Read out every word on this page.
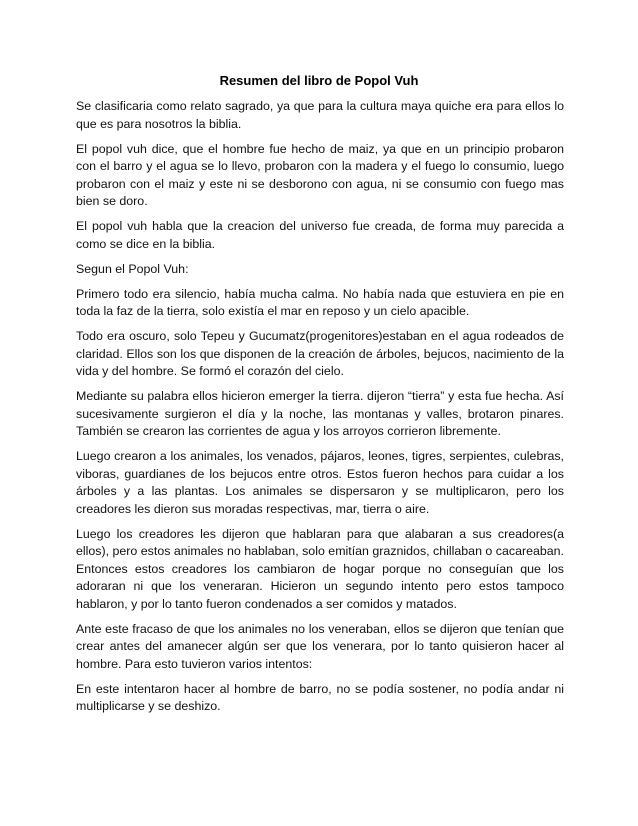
Resumen del libro de Popol Vuh

Se clasificaria como relato sagrado, ya que para la cultura maya quiche era para ellos lo que es para nosotros la biblia.

El popol vuh dice, que el hombre fue hecho de maiz, ya que en un principio probaron con el barro y el agua se lo llevo, probaron con la madera y el fuego lo consumio, luego probaron con el maiz y este ni se desborono con agua, ni se consumio con fuego mas bien se doro.

El popol vuh habla que la creacion del universo fue creada, de forma muy parecida a como se dice en la biblia.

Segun el Popol Vuh:

Primero todo era silencio, había mucha calma. No había nada que estuviera en pie en toda la faz de la tierra, solo existía el mar en reposo y un cielo apacible.

Todo era oscuro, solo Tepeu y Gucumatz(progenitores)estaban en el agua rodeados de claridad. Ellos son los que disponen de la creación de árboles, bejucos, nacimiento de la vida y del hombre. Se formó el corazón del cielo.

Mediante su palabra ellos hicieron emerger la tierra. dijeron “tierra” y esta fue hecha. Así sucesivamente surgieron el día y la noche, las montanas y valles, brotaron pinares. También se crearon las corrientes de agua y los arroyos corrieron libremente.

Luego crearon a los animales, los venados, pájaros, leones, tigres, serpientes, culebras, viboras, guardianes de los bejucos entre otros. Estos fueron hechos para cuidar a los árboles y a las plantas. Los animales se dispersaron y se multiplicaron, pero los creadores les dieron sus moradas respectivas, mar, tierra o aire.

Luego los creadores les dijeron que hablaran para que alabaran a sus creadores(a ellos), pero estos animales no hablaban, solo emitían graznidos, chillaban o cacareaban. Entonces estos creadores los cambiaron de hogar porque no conseguían que los adoraran ni que los veneraran. Hicieron un segundo intento pero estos tampoco hablaron, y por lo tanto fueron condenados a ser comidos y matados.

Ante este fracaso de que los animales no los veneraban, ellos se dijeron que tenían que crear antes del amanecer algún ser que los venerara, por lo tanto quisieron hacer al hombre. Para esto tuvieron varios intentos:

En este intentaron hacer al hombre de barro, no se podía sostener, no podía andar ni multiplicarse y se deshizo.
